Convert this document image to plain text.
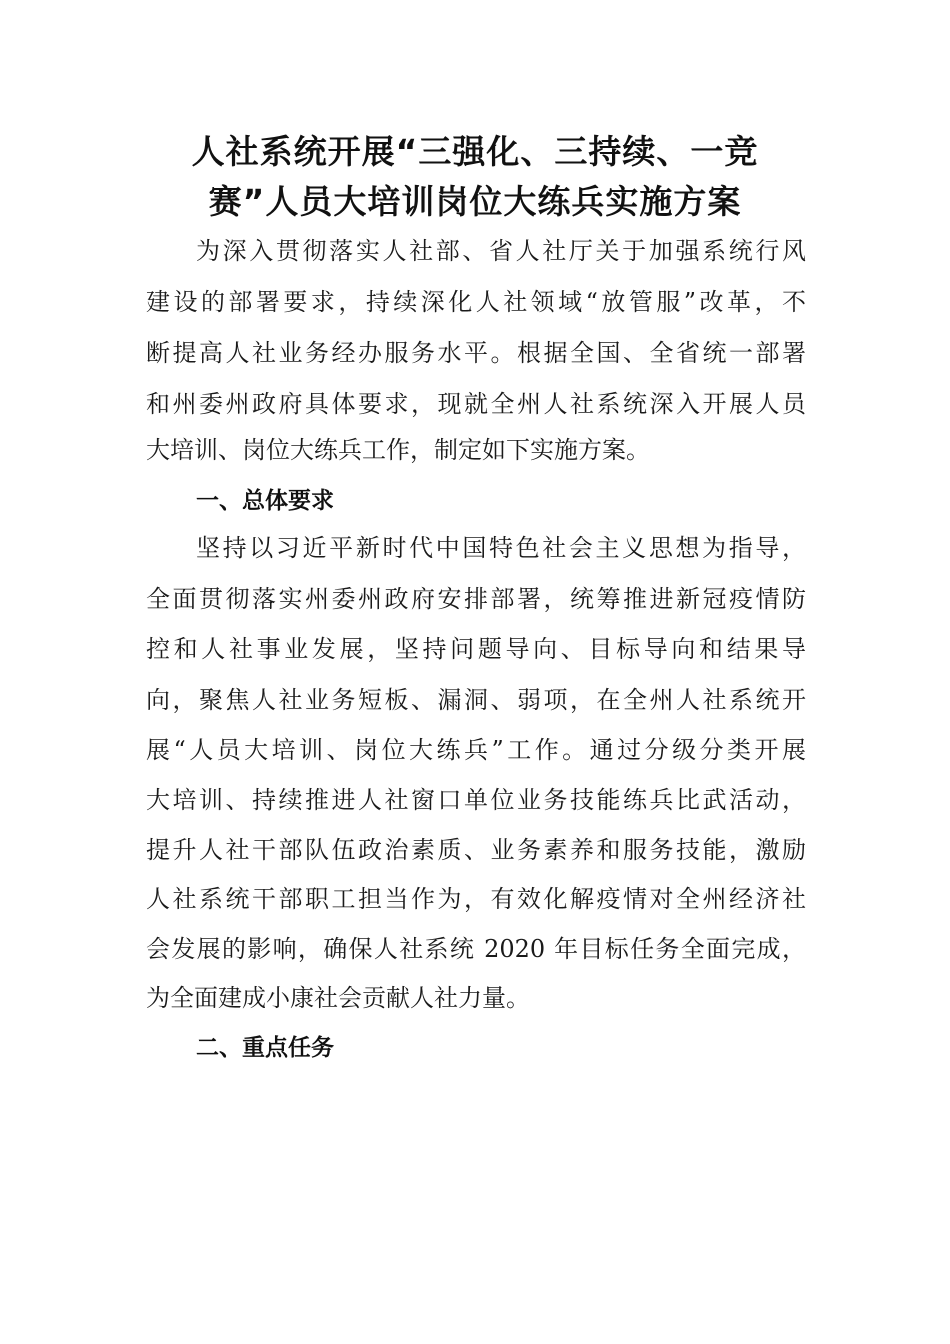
人社系统开展“三强化、三持续、一竞
赛”人员大培训岗位大练兵实施方案

为深入贯彻落实人社部、省人社厅关于加强系统行风

建设的部署要求，持续深化人社领域“放管服”改革，不

断提高人社业务经办服务水平。根据全国、全省统一部署

和州委州政府具体要求，现就全州人社系统深入开展人员

大培训、岗位大练兵工作，制定如下实施方案。

一、总体要求

坚持以习近平新时代中国特色社会主义思想为指导，

全面贯彻落实州委州政府安排部署，统筹推进新冠疫情防

控和人社事业发展，坚持问题导向、目标导向和结果导

向，聚焦人社业务短板、漏洞、弱项，在全州人社系统开

展“人员大培训、岗位大练兵”工作。通过分级分类开展

大培训、持续推进人社窗口单位业务技能练兵比武活动，

提升人社干部队伍政治素质、业务素养和服务技能，激励

人社系统干部职工担当作为，有效化解疫情对全州经济社

会发展的影响，确保人社系统 2020 年目标任务全面完成，

为全面建成小康社会贡献人社力量。

二、重点任务
